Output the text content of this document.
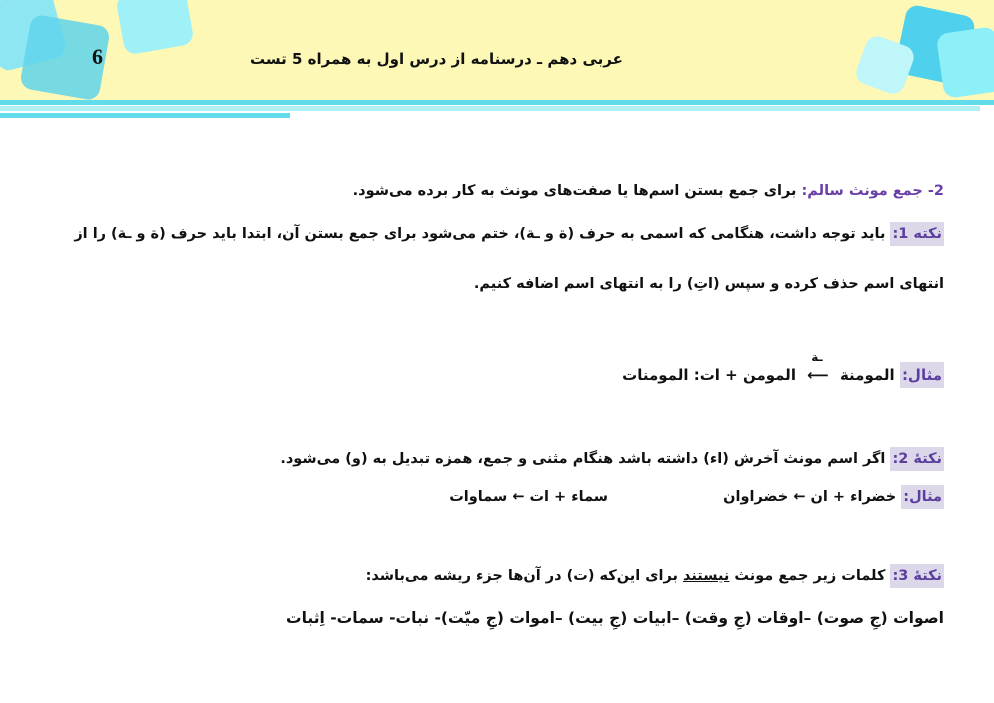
6	عربی دهم ـ درسنامه از درس اول به همراه 5 تست
2- جمع مونث سالم: برای جمع بستن اسم‌ها یا صفت‌های مونث به کار برده می‌شود.
نکته 1: باید توجه داشت، هنگامی که اسمی به حرف (ة و ـة)، ختم می‌شود برای جمع بستن آن، ابتدا باید حرف (ة و ـة) را از
انتهای اسم حذف کرده و سپس (اتِ) را به انتهای اسم اضافه کنیم.
مثال: المومنة
ـة
⟵ المومن + ات: المومنات
نکتهٔ 2: اگر اسم مونث آخرش (اء) داشته باشد هنگام مثنی و جمع، همزه تبدیل به (و) می‌شود.
مثال: خضراء + ان ← خضراوان سماء + ات ← سماوات
نکتهٔ 3: کلمات زیر جمع مونث نیستند برای این‌که (ت) در آن‌ها جزء ریشه می‌باشد:
اصوات (جِ صوت) –اوقات (جِ وقت) –ابیات (جِ بیت) –اموات (جِ میّت)- نبات- سمات- اِثبات
